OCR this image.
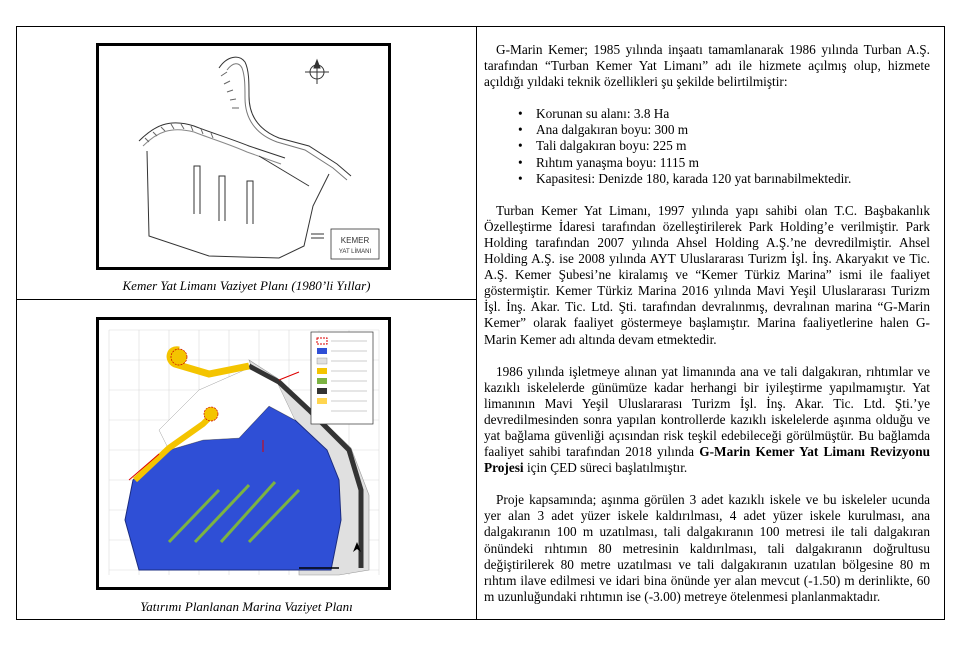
KEMER
YAT LİMANI
Kemer Yat Limanı Vaziyet Planı (1980’li Yıllar)
Yatırımı Planlanan Marina Vaziyet Planı

G-Marin Kemer; 1985 yılında inşaatı tamamlanarak 1986 yılında Turban A.Ş. tarafından “Turban Kemer Yat Limanı” adı ile hizmete açılmış olup, hizmete açıldığı yıldaki teknik özellikleri şu şekilde belirtilmiştir:

• Korunan su alanı: 3.8 Ha
• Ana dalgakıran boyu: 300 m
• Tali dalgakıran boyu: 225 m
• Rıhtım yanaşma boyu: 1115 m
• Kapasitesi: Denizde 180, karada 120 yat barınabilmektedir.

Turban Kemer Yat Limanı, 1997 yılında yapı sahibi olan T.C. Başbakanlık Özelleştirme İdaresi tarafından özelleştirilerek Park Holding’e verilmiştir. Park Holding tarafından 2007 yılında Ahsel Holding A.Ş.’ne devredilmiştir. Ahsel Holding A.Ş. ise 2008 yılında AYT Uluslararası Turizm İşl. İnş. Akaryakıt ve Tic. A.Ş. Kemer Şubesi’ne kiralamış ve “Kemer Türkiz Marina” ismi ile faaliyet göstermiştir. Kemer Türkiz Marina 2016 yılında Mavi Yeşil Uluslararası Turizm İşl. İnş. Akar. Tic. Ltd. Şti. tarafından devralınmış, devralınan marina “G-Marin Kemer” olarak faaliyet göstermeye başlamıştır. Marina faaliyetlerine halen G-Marin Kemer adı altında devam etmektedir.

1986 yılında işletmeye alınan yat limanında ana ve tali dalgakıran, rıhtımlar ve kazıklı iskelelerde günümüze kadar herhangi bir iyileştirme yapılmamıştır. Yat limanının Mavi Yeşil Uluslararası Turizm İşl. İnş. Akar. Tic. Ltd. Şti.’ye devredilmesinden sonra yapılan kontrollerde kazıklı iskelelerde aşınma olduğu ve yat bağlama güvenliği açısından risk teşkil edebileceği görülmüştür. Bu bağlamda faaliyet sahibi tarafından 2018 yılında G-Marin Kemer Yat Limanı Revizyonu Projesi için ÇED süreci başlatılmıştır.

Proje kapsamında; aşınma görülen 3 adet kazıklı iskele ve bu iskeleler ucunda yer alan 3 adet yüzer iskele kaldırılması, 4 adet yüzer iskele kurulması, ana dalgakıranın 100 m uzatılması, tali dalgakıranın 100 metresi ile tali dalgakıran önündeki rıhtımın 80 metresinin kaldırılması, tali dalgakıranın doğrultusu değiştirilerek 80 metre uzatılması ve tali dalgakıranın uzatılan bölgesine 80 m rıhtım ilave edilmesi ve idari bina önünde yer alan mevcut (-1.50) m derinlikte, 60 m uzunluğundaki rıhtımın ise (-3.00) metreye ötelenmesi planlanmaktadır.
